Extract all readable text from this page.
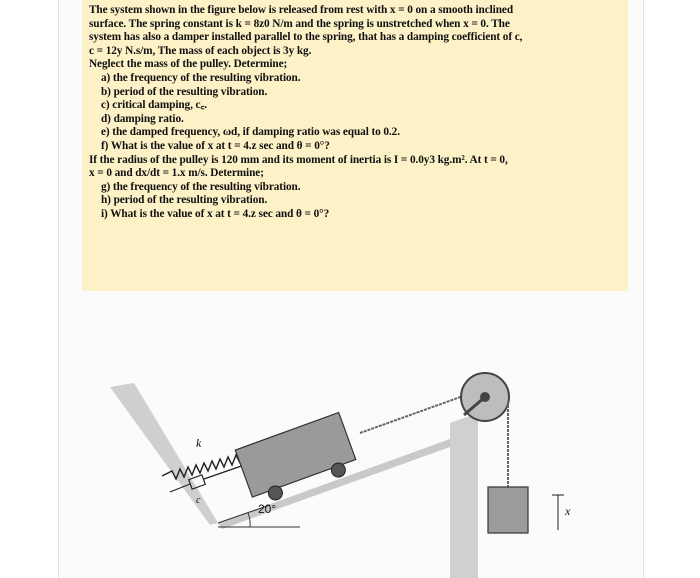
The system shown in the figure below is released from rest with x = 0 on a smooth inclined
surface. The spring constant is k = 8z0 N/m and the spring is unstretched when x = 0. The
system has also a damper installed parallel to the spring, that has a damping coefficient of c,
c = 12y N.s/m, The mass of each object is 3y kg.
Neglect the mass of the pulley. Determine;
a) the frequency of the resulting vibration.
b) period of the resulting vibration.
c) critical damping, c꜀.
d) damping ratio.
e) the damped frequency, ωd, if damping ratio was equal to 0.2.
f) What is the value of x at t = 4.z sec and θ = 0°?
If the radius of the pulley is 120 mm and its moment of inertia is I = 0.0y3 kg.m². At t = 0,
x = 0 and dx/dt = 1.x m/s. Determine;
g) the frequency of the resulting vibration.
h) period of the resulting vibration.
i) What is the value of x at t = 4.z sec and θ = 0°?
20°
k
c
x
